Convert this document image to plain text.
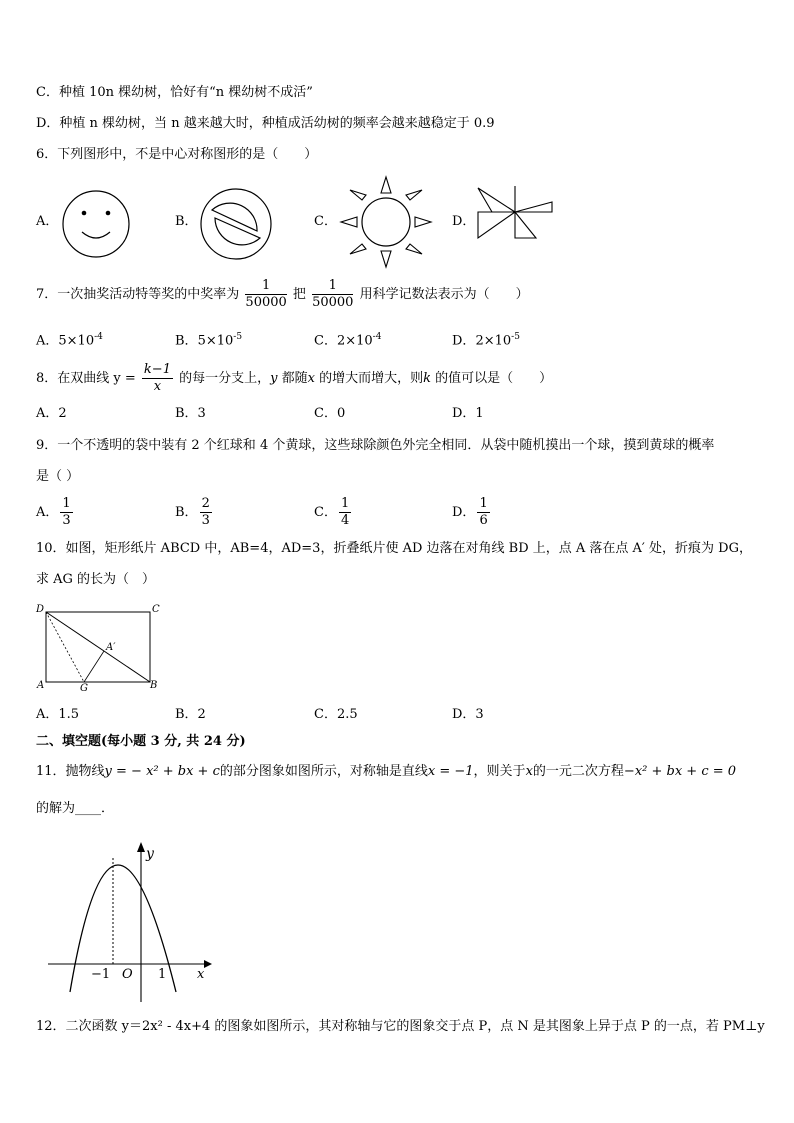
C．种植 10n 棵幼树，恰好有“n 棵幼树不成活”
D．种植 n 棵幼树，当 n 越来越大时，种植成活幼树的频率会越来越稳定于 0.9
6．下列图形中，不是中心对称图形的是（　　）
A．	B．	C．	D．
7．一次抽奖活动特等奖的中奖率为 $\frac{1}{50000}$ 把 $\frac{1}{50000}$ 用科学记数法表示为（　　）
A．$5\times 10^{-4}$	B．$5\times 10^{-5}$	C．$2\times 10^{-4}$	D．$2\times 10^{-5}$
8．在双曲线 $y = \frac{k-1}{x}$ 的每一分支上，y 都随x 的增大而增大，则k 的值可以是（　　）
A．2	B．3	C．0	D．1
9．一个不透明的袋中装有 2 个红球和 4 个黄球，这些球除颜色外完全相同．从袋中随机摸出一个球，摸到黄球的概率
是（ ）
A． $\frac{1}{3}$	B． $\frac{2}{3}$	C． $\frac{1}{4}$	D． $\frac{1}{6}$
10．如图，矩形纸片 ABCD 中，AB=4，AD=3，折叠纸片使 AD 边落在对角线 BD 上，点 A 落在点 A′ 处，折痕为 DG，
求 AG 的长为（　）
D	C
A	B
G
A′
A．1.5	B．2	C．2.5	D．3
二、填空题(每小题 3 分, 共 24 分)
11．抛物线y = − x² + bx + c的部分图象如图所示，对称轴是直线x = −1，则关于x的一元二次方程−x² + bx + c = 0
的解为____．
y
x
O
−1	1
12．二次函数 y＝2x² - 4x+4 的图象如图所示，其对称轴与它的图象交于点 P，点 N 是其图象上异于点 P 的一点，若 PM⊥y
